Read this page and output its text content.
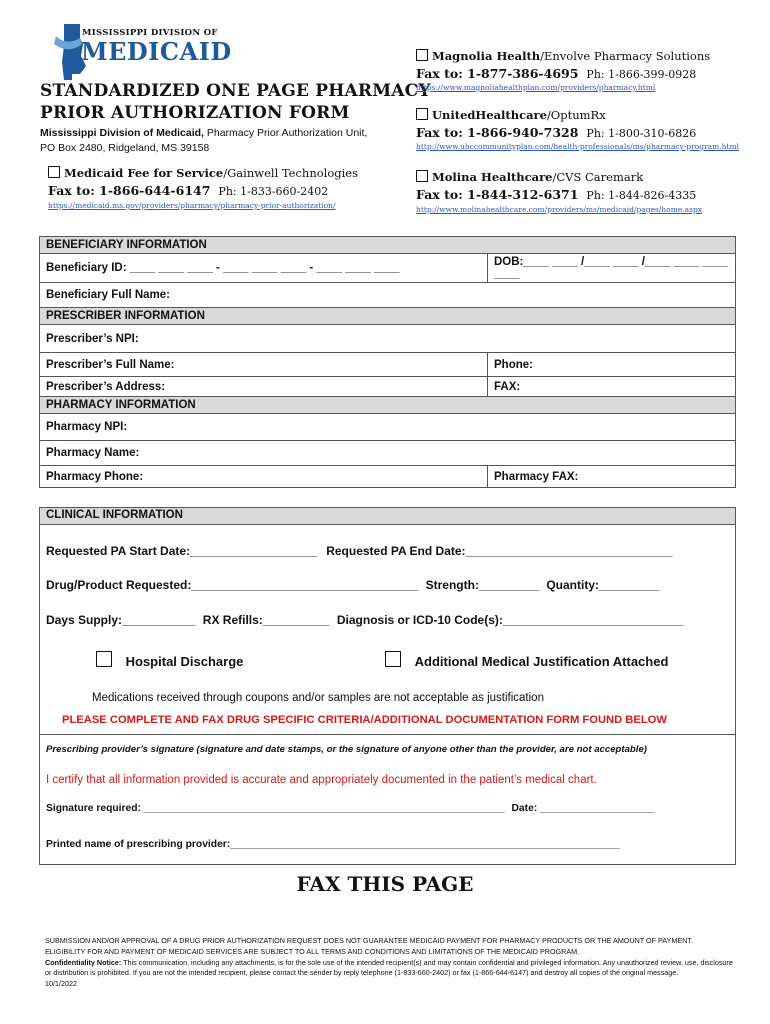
MISSISSIPPI DIVISION OF
MEDICAID
STANDARDIZED ONE PAGE PHARMACY
PRIOR AUTHORIZATION FORM
Mississippi Division of Medicaid, Pharmacy Prior Authorization Unit,
PO Box 2480, Ridgeland, MS 39158
Medicaid Fee for Service/Gainwell Technologies
Fax to: 1-866-644-6147 Ph: 1-833-660-2402
https://medicaid.ms.gov/providers/pharmacy/pharmacy-prior-authorization/
Magnolia Health/Envolve Pharmacy Solutions
Fax to: 1-877-386-4695 Ph: 1-866-399-0928
https://www.magnoliahealthplan.com/providers/pharmacy.html
UnitedHealthcare/OptumRx
Fax to: 1-866-940-7328 Ph: 1-800-310-6826
http://www.uhccommunityplan.com/health-professionals/ms/pharmacy-program.html
Molina Healthcare/CVS Caremark
Fax to: 1-844-312-6371 Ph: 1-844-826-4335
http://www.molinahealthcare.com/providers/ms/medicaid/pages/home.aspx
BENEFICIARY INFORMATION	
Beneficiary ID: ____ ____ ____ - ____ ____ ____ - ____ ____ ____	DOB:____ ____ /____ ____ /____ ____ ____ ____
Beneficiary Full Name:	
PRESCRIBER INFORMATION	
Prescriber’s NPI:	
Prescriber’s Full Name:	Phone:
Prescriber’s Address:	FAX:
PHARMACY INFORMATION	
Pharmacy NPI:	
Pharmacy Name:	
Pharmacy Phone:	Pharmacy FAX:
CLINICAL INFORMATION
Requested PA Start Date:___________________ Requested PA End Date:_______________________________
Drug/Product Requested:__________________________________ Strength:_________ Quantity:_________
Days Supply:___________ RX Refills:__________ Diagnosis or ICD-10 Code(s):___________________________
Hospital Discharge	Additional Medical Justification Attached
Medications received through coupons and/or samples are not acceptable as justification
PLEASE COMPLETE AND FAX DRUG SPECIFIC CRITERIA/ADDITIONAL DOCUMENTATION FORM FOUND BELOW
Prescribing provider’s signature (signature and date stamps, or the signature of anyone other than the provider, are not acceptable)
I certify that all information provided is accurate and appropriately documented in the patient’s medical chart.
Signature required: _______________________________________________________________ Date: ____________________
Printed name of prescribing provider:____________________________________________________________________
FAX THIS PAGE
SUBMISSION AND/OR APPROVAL OF A DRUG PRIOR AUTHORIZATION REQUEST DOES NOT GUARANTEE MEDICAID PAYMENT FOR PHARMACY PRODUCTS OR THE AMOUNT OF PAYMENT.
ELIGIBILITY FOR AND PAYMENT OF MEDICAID SERVICES ARE SUBJECT TO ALL TERMS AND CONDITIONS AND LIMITATIONS OF THE MEDICAID PROGRAM.
Confidentiality Notice: This communication, including any attachments, is for the sole use of the intended recipient(s) and may contain confidential and privileged information. Any unauthorized review, use, disclosure or distribution is prohibited. If you are not the intended recipient, please contact the sender by reply telephone (1-833-660-2402) or fax (1-866-644-6147) and destroy all copies of the original message.
10/1/2022
